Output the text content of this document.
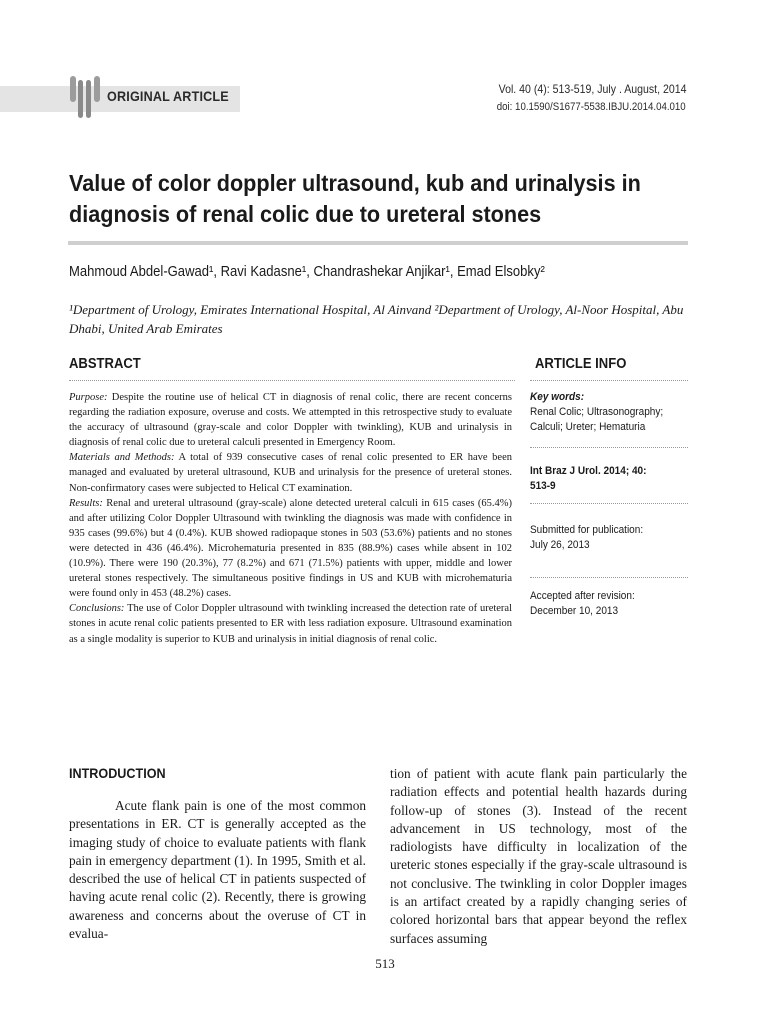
ORIGINAL ARTICLE	Vol. 40 (4): 513-519, July . August, 2014
doi: 10.1590/S1677-5538.IBJU.2014.04.010
Value of color doppler ultrasound, kub and urinalysis in diagnosis of renal colic due to ureteral stones
Mahmoud Abdel-Gawad¹, Ravi Kadasne¹, Chandrashekar Anjikar¹, Emad Elsobky²
¹Department of Urology, Emirates International Hospital, Al Ainvand ²Department of Urology, Al-Noor Hospital, Abu Dhabi, United Arab Emirates
ABSTRACT	ARTICLE INFO

Purpose: Despite the routine use of helical CT in diagnosis of renal colic, there are recent concerns regarding the radiation exposure, overuse and costs. We attempted in this retrospective study to evaluate the accuracy of ultrasound (gray-scale and color Doppler with twinkling), KUB and urinalysis in diagnosis of renal colic due to ureteral calculi presented in Emergency Room.

Materials and Methods: A total of 939 consecutive cases of renal colic presented to ER have been managed and evaluated by ureteral ultrasound, KUB and urinalysis for the presence of ureteral stones. Non-confirmatory cases were subjected to Helical CT examination.

Results: Renal and ureteral ultrasound (gray-scale) alone detected ureteral calculi in 615 cases (65.4%) and after utilizing Color Doppler Ultrasound with twinkling the diagnosis was made with confidence in 935 cases (99.6%) but 4 (0.4%). KUB showed radiopaque stones in 503 (53.6%) patients and no stones were detected in 436 (46.4%). Microhematuria presented in 835 (88.9%) cases while absent in 102 (10.9%). There were 190 (20.3%), 77 (8.2%) and 671 (71.5%) patients with upper, middle and lower ureteral stones respectively. The simultaneous positive findings in US and KUB with microhematuria were found only in 453 (48.2%) cases.

Conclusions: The use of Color Doppler ultrasound with twinkling increased the detection rate of ureteral stones in acute renal colic patients presented to ER with less radiation exposure. Ultrasound examination as a single modality is superior to KUB and urinalysis in initial diagnosis of renal colic.

Key words:
Renal Colic; Ultrasonography; Calculi; Ureter; Hematuria
Int Braz J Urol. 2014; 40: 513-9
Submitted for publication:
July 26, 2013
Accepted after revision:
December 10, 2013
INTRODUCTION

Acute flank pain is one of the most common presentations in ER. CT is generally accepted as the imaging study of choice to evaluate patients with flank pain in emergency department (1). In 1995, Smith et al. described the use of helical CT in patients suspected of having acute renal colic (2). Recently, there is growing awareness and concerns about the overuse of CT in evalua-

tion of patient with acute flank pain particularly the radiation effects and potential health hazards during follow-up of stones (3). Instead of the recent advancement in US technology, most of the radiologists have difficulty in localization of the ureteric stones especially if the gray-scale ultrasound is not conclusive. The twinkling in color Doppler images is an artifact created by a rapidly changing series of colored horizontal bars that appear beyond the reflex surfaces assuming

513
